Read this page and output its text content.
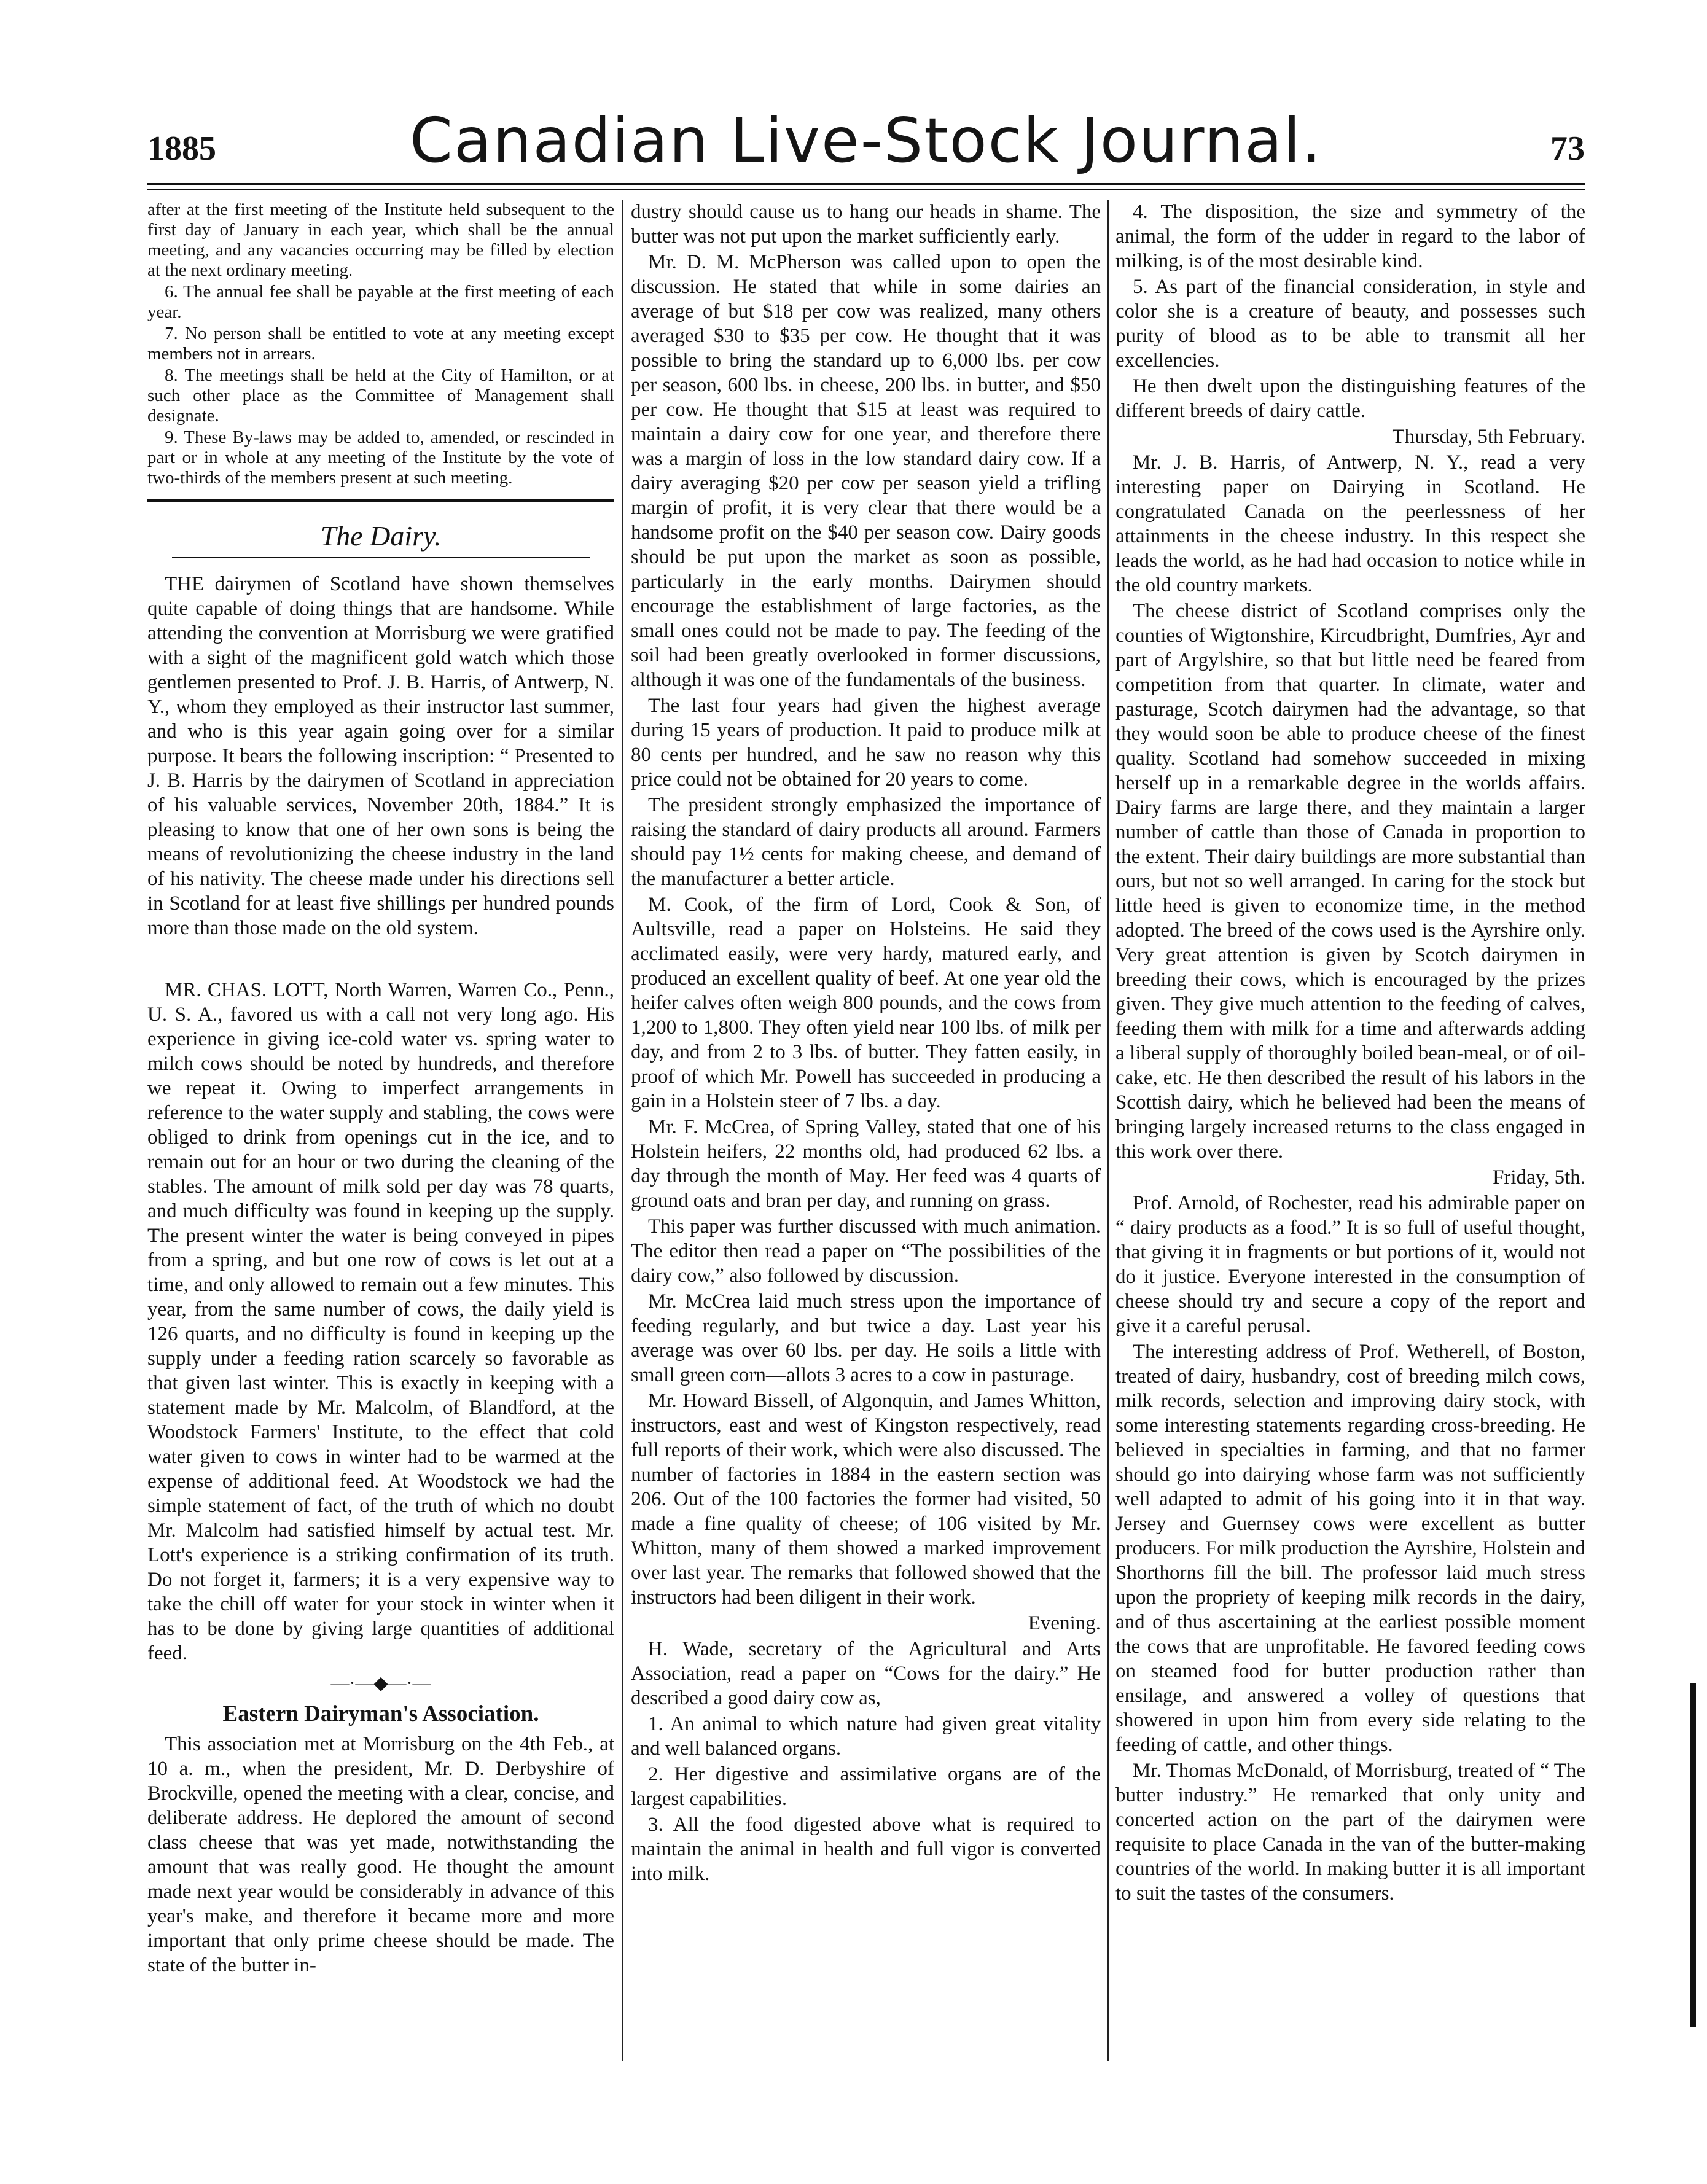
1885	Canadian Live-Stock Journal.	73

after at the first meeting of the Institute held subsequent to the first day of January in each year, which shall be the annual meeting, and any vacancies occurring may be filled by election at the next ordinary meeting.

6. The annual fee shall be payable at the first meeting of each year.

7. No person shall be entitled to vote at any meeting except members not in arrears.

8. The meetings shall be held at the City of Hamilton, or at such other place as the Committee of Management shall designate.

9. These By-laws may be added to, amended, or rescinded in part or in whole at any meeting of the Institute by the vote of two-thirds of the members present at such meeting.

The Dairy.

THE dairymen of Scotland have shown themselves quite capable of doing things that are handsome. While attending the convention at Morrisburg we were gratified with a sight of the magnificent gold watch which those gentlemen presented to Prof. J. B. Harris, of Antwerp, N. Y., whom they employed as their instructor last summer, and who is this year again going over for a similar purpose. It bears the following inscription: “ Presented to J. B. Harris by the dairymen of Scotland in appreciation of his valuable services, November 20th, 1884.” It is pleasing to know that one of her own sons is being the means of revolutionizing the cheese industry in the land of his nativity. The cheese made under his directions sell in Scotland for at least five shillings per hundred pounds more than those made on the old system.

MR. CHAS. LOTT, North Warren, Warren Co., Penn., U. S. A., favored us with a call not very long ago. His experience in giving ice-cold water vs. spring water to milch cows should be noted by hundreds, and therefore we repeat it. Owing to imperfect arrangements in reference to the water supply and stabling, the cows were obliged to drink from openings cut in the ice, and to remain out for an hour or two during the cleaning of the stables. The amount of milk sold per day was 78 quarts, and much difficulty was found in keeping up the supply. The present winter the water is being conveyed in pipes from a spring, and but one row of cows is let out at a time, and only allowed to remain out a few minutes. This year, from the same number of cows, the daily yield is 126 quarts, and no difficulty is found in keeping up the supply under a feeding ration scarcely so favorable as that given last winter. This is exactly in keeping with a statement made by Mr. Malcolm, of Blandford, at the Woodstock Farmers' Institute, to the effect that cold water given to cows in winter had to be warmed at the expense of additional feed. At Woodstock we had the simple statement of fact, of the truth of which no doubt Mr. Malcolm had satisfied himself by actual test. Mr. Lott's experience is a striking confirmation of its truth. Do not forget it, farmers; it is a very expensive way to take the chill off water for your stock in winter when it has to be done by giving large quantities of additional feed.

—·—◆—·—
Eastern Dairyman's Association.

This association met at Morrisburg on the 4th Feb., at 10 a. m., when the president, Mr. D. Derbyshire of Brockville, opened the meeting with a clear, concise, and deliberate address. He deplored the amount of second class cheese that was yet made, notwithstanding the amount that was really good. He thought the amount made next year would be considerably in advance of this year's make, and therefore it became more and more important that only prime cheese should be made. The state of the butter in-

dustry should cause us to hang our heads in shame. The butter was not put upon the market sufficiently early.

Mr. D. M. McPherson was called upon to open the discussion. He stated that while in some dairies an average of but $18 per cow was realized, many others averaged $30 to $35 per cow. He thought that it was possible to bring the standard up to 6,000 lbs. per cow per season, 600 lbs. in cheese, 200 lbs. in butter, and $50 per cow. He thought that $15 at least was required to maintain a dairy cow for one year, and therefore there was a margin of loss in the low standard dairy cow. If a dairy averaging $20 per cow per season yield a trifling margin of profit, it is very clear that there would be a handsome profit on the $40 per season cow. Dairy goods should be put upon the market as soon as possible, particularly in the early months. Dairymen should encourage the establishment of large factories, as the small ones could not be made to pay. The feeding of the soil had been greatly overlooked in former discussions, although it was one of the fundamentals of the business.

The last four years had given the highest average during 15 years of production. It paid to produce milk at 80 cents per hundred, and he saw no reason why this price could not be obtained for 20 years to come.

The president strongly emphasized the importance of raising the standard of dairy products all around. Farmers should pay 1½ cents for making cheese, and demand of the manufacturer a better article.

M. Cook, of the firm of Lord, Cook & Son, of Aultsville, read a paper on Holsteins. He said they acclimated easily, were very hardy, matured early, and produced an excellent quality of beef. At one year old the heifer calves often weigh 800 pounds, and the cows from 1,200 to 1,800. They often yield near 100 lbs. of milk per day, and from 2 to 3 lbs. of butter. They fatten easily, in proof of which Mr. Powell has succeeded in producing a gain in a Holstein steer of 7 lbs. a day.

Mr. F. McCrea, of Spring Valley, stated that one of his Holstein heifers, 22 months old, had produced 62 lbs. a day through the month of May. Her feed was 4 quarts of ground oats and bran per day, and running on grass.

This paper was further discussed with much animation. The editor then read a paper on “The possibilities of the dairy cow,” also followed by discussion.

Mr. McCrea laid much stress upon the importance of feeding regularly, and but twice a day. Last year his average was over 60 lbs. per day. He soils a little with small green corn—allots 3 acres to a cow in pasturage.

Mr. Howard Bissell, of Algonquin, and James Whitton, instructors, east and west of Kingston respectively, read full reports of their work, which were also discussed. The number of factories in 1884 in the eastern section was 206. Out of the 100 factories the former had visited, 50 made a fine quality of cheese; of 106 visited by Mr. Whitton, many of them showed a marked improvement over last year. The remarks that followed showed that the instructors had been diligent in their work.

Evening.

H. Wade, secretary of the Agricultural and Arts Association, read a paper on “Cows for the dairy.” He described a good dairy cow as,

1. An animal to which nature had given great vitality and well balanced organs.

2. Her digestive and assimilative organs are of the largest capabilities.

3. All the food digested above what is required to maintain the animal in health and full vigor is converted into milk.

4. The disposition, the size and symmetry of the animal, the form of the udder in regard to the labor of milking, is of the most desirable kind.

5. As part of the financial consideration, in style and color she is a creature of beauty, and possesses such purity of blood as to be able to transmit all her excellencies.

He then dwelt upon the distinguishing features of the different breeds of dairy cattle.

Thursday, 5th February.

Mr. J. B. Harris, of Antwerp, N. Y., read a very interesting paper on Dairying in Scotland. He congratulated Canada on the peerlessness of her attainments in the cheese industry. In this respect she leads the world, as he had had occasion to notice while in the old country markets.

The cheese district of Scotland comprises only the counties of Wigtonshire, Kircudbright, Dumfries, Ayr and part of Argylshire, so that but little need be feared from competition from that quarter. In climate, water and pasturage, Scotch dairymen had the advantage, so that they would soon be able to produce cheese of the finest quality. Scotland had somehow succeeded in mixing herself up in a remarkable degree in the worlds affairs. Dairy farms are large there, and they maintain a larger number of cattle than those of Canada in proportion to the extent. Their dairy buildings are more substantial than ours, but not so well arranged. In caring for the stock but little heed is given to economize time, in the method adopted. The breed of the cows used is the Ayrshire only. Very great attention is given by Scotch dairymen in breeding their cows, which is encouraged by the prizes given. They give much attention to the feeding of calves, feeding them with milk for a time and afterwards adding a liberal supply of thoroughly boiled bean-meal, or of oil-cake, etc. He then described the result of his labors in the Scottish dairy, which he believed had been the means of bringing largely increased returns to the class engaged in this work over there.

Friday, 5th.

Prof. Arnold, of Rochester, read his admirable paper on “ dairy products as a food.” It is so full of useful thought, that giving it in fragments or but portions of it, would not do it justice. Everyone interested in the consumption of cheese should try and secure a copy of the report and give it a careful perusal.

The interesting address of Prof. Wetherell, of Boston, treated of dairy, husbandry, cost of breeding milch cows, milk records, selection and improving dairy stock, with some interesting statements regarding cross-breeding. He believed in specialties in farming, and that no farmer should go into dairying whose farm was not sufficiently well adapted to admit of his going into it in that way. Jersey and Guernsey cows were excellent as butter producers. For milk production the Ayrshire, Holstein and Shorthorns fill the bill. The professor laid much stress upon the propriety of keeping milk records in the dairy, and of thus ascertaining at the earliest possible moment the cows that are unprofitable. He favored feeding cows on steamed food for butter production rather than ensilage, and answered a volley of questions that showered in upon him from every side relating to the feeding of cattle, and other things.

Mr. Thomas McDonald, of Morrisburg, treated of “ The butter industry.” He remarked that only unity and concerted action on the part of the dairymen were requisite to place Canada in the van of the butter-making countries of the world. In making butter it is all important to suit the tastes of the consumers.
